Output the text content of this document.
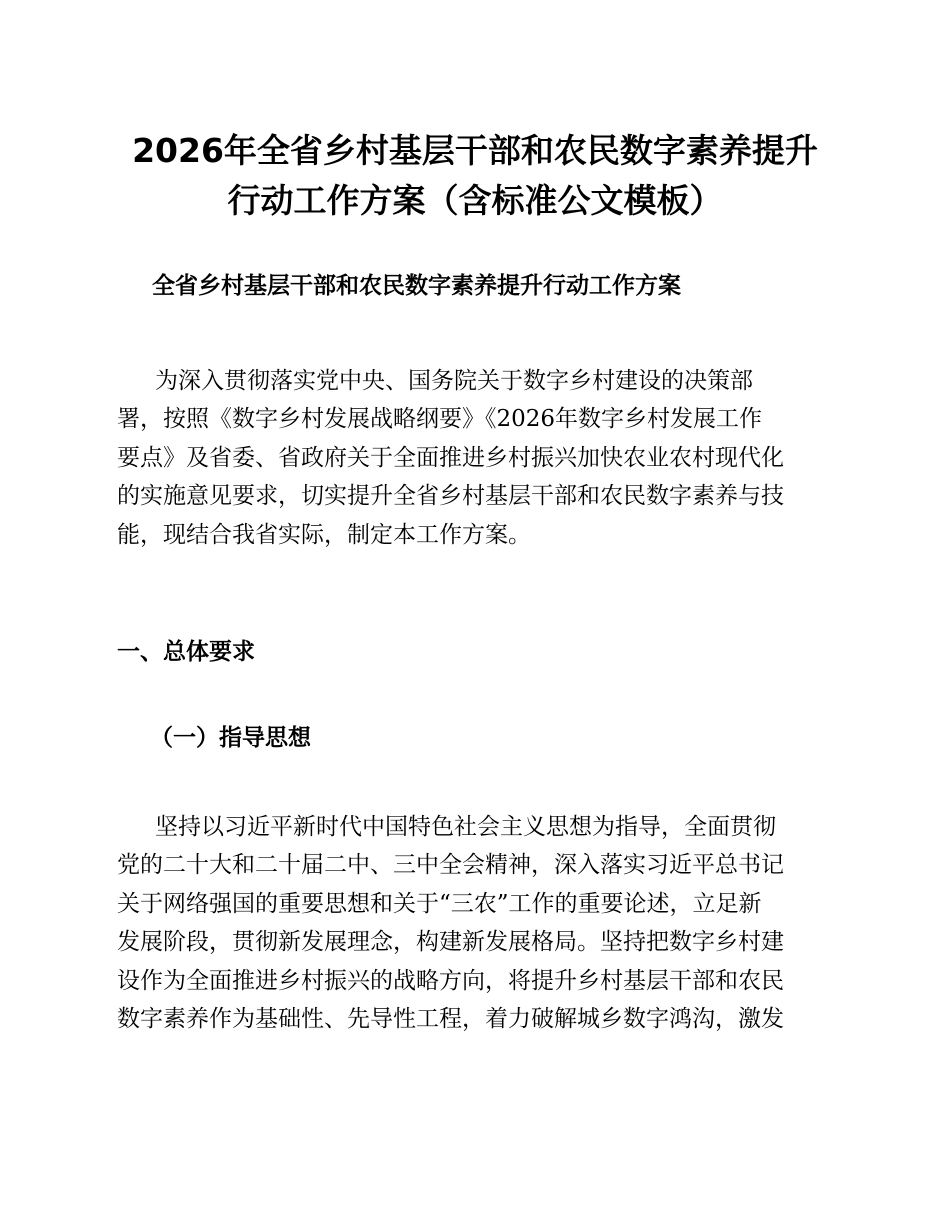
2026年全省乡村基层干部和农民数字素养提升
行动工作方案（含标准公文模板）
全省乡村基层干部和农民数字素养提升行动工作方案
为深入贯彻落实党中央、国务院关于数字乡村建设的决策部
署，按照《数字乡村发展战略纲要》《2026年数字乡村发展工作
要点》及省委、省政府关于全面推进乡村振兴加快农业农村现代化
的实施意见要求，切实提升全省乡村基层干部和农民数字素养与技
能，现结合我省实际，制定本工作方案。
一、总体要求
（一）指导思想
坚持以习近平新时代中国特色社会主义思想为指导，全面贯彻
党的二十大和二十届二中、三中全会精神，深入落实习近平总书记
关于网络强国的重要思想和关于“三农”工作的重要论述，立足新
发展阶段，贯彻新发展理念，构建新发展格局。坚持把数字乡村建
设作为全面推进乡村振兴的战略方向，将提升乡村基层干部和农民
数字素养作为基础性、先导性工程，着力破解城乡数字鸿沟，激发
